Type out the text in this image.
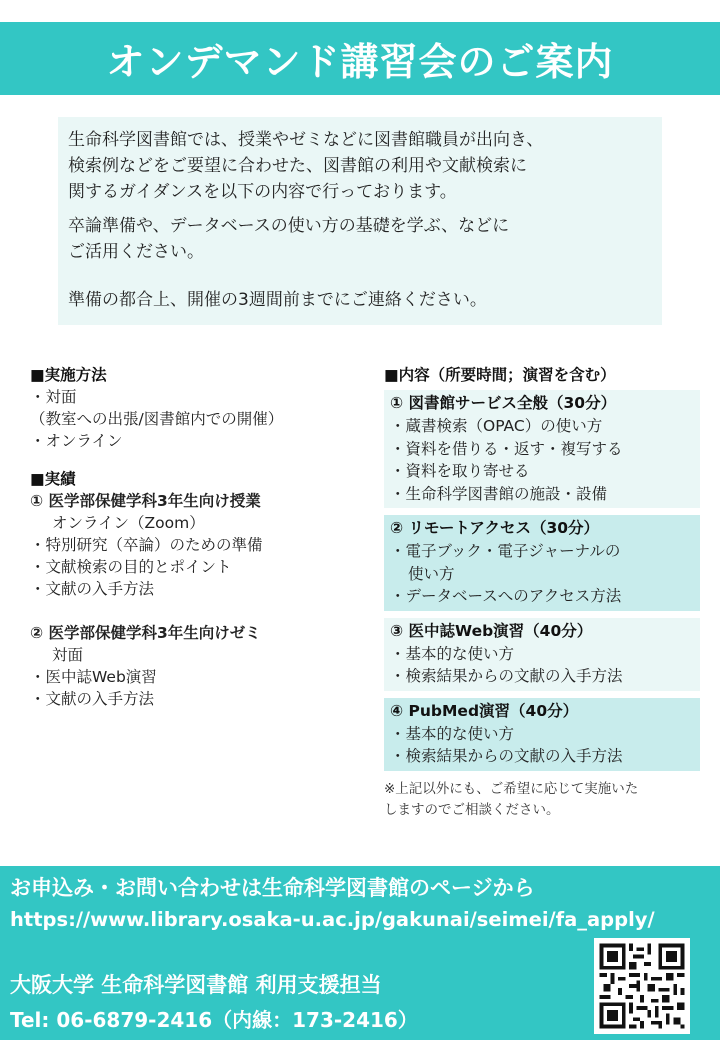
オンデマンド講習会のご案内

生命科学図書館では、授業やゼミなどに図書館職員が出向き、

検索例などをご要望に合わせた、図書館の利用や文献検索に

関するガイダンスを以下の内容で行っております。

卒論準備や、データベースの使い方の基礎を学ぶ、などに

ご活用ください。

準備の都合上、開催の3週間前までにご連絡ください。

■実施方法
・対面
（教室への出張/図書館内での開催）
・オンライン
■実績
① 医学部保健学科3年生向け授業
オンライン（Zoom）
・特別研究（卒論）のための準備
・文献検索の目的とポイント
・文献の入手方法
② 医学部保健学科3年生向けゼミ
対面
・医中誌Web演習
・文献の入手方法
■内容（所要時間；演習を含む）
① 図書館サービス全般（30分）
・蔵書検索（OPAC）の使い方
・資料を借りる・返す・複写する
・資料を取り寄せる
・生命科学図書館の施設・設備
② リモートアクセス（30分）
・電子ブック・電子ジャーナルの
使い方
・データベースへのアクセス方法
③ 医中誌Web演習（40分）
・基本的な使い方
・検索結果からの文献の入手方法
④ PubMed演習（40分）
・基本的な使い方
・検索結果からの文献の入手方法
※上記以外にも、ご希望に応じて実施いた
しますのでご相談ください。
お申込み・お問い合わせは生命科学図書館のページから
https://www.library.osaka-u.ac.jp/gakunai/seimei/fa_apply/
大阪大学 生命科学図書館 利用支援担当
Tel: 06-6879-2416（内線：173-2416）
